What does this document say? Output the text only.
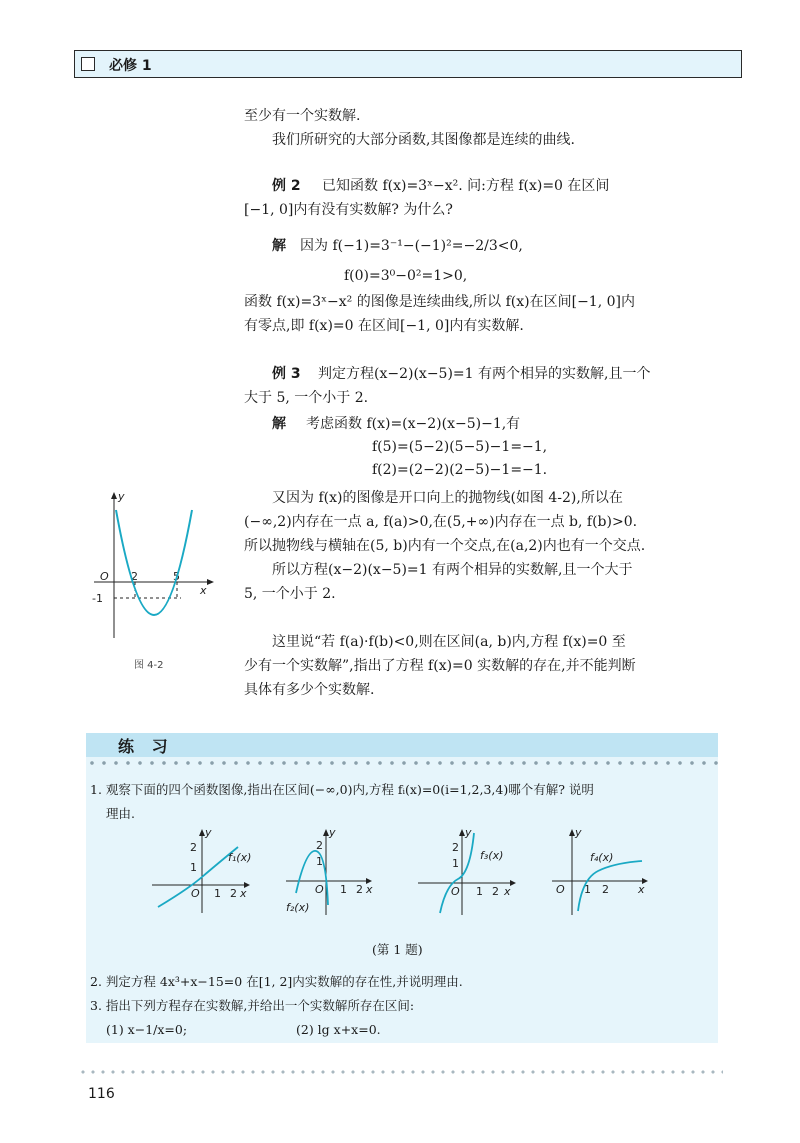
必修 1
至少有一个实数解.
我们所研究的大部分函数,其图像都是连续的曲线.
例 2 已知函数 f(x)=3ˣ−x². 问:方程 f(x)=0 在区间
[−1, 0]内有没有实数解? 为什么?
解 因为 f(−1)=3⁻¹−(−1)²=−2/3<0,
f(0)=3⁰−0²=1>0,
函数 f(x)=3ˣ−x² 的图像是连续曲线,所以 f(x)在区间[−1, 0]内
有零点,即 f(x)=0 在区间[−1, 0]内有实数解.
例 3 判定方程(x−2)(x−5)=1 有两个相异的实数解,且一个
大于 5, 一个小于 2.
解 考虑函数 f(x)=(x−2)(x−5)−1,有
f(5)=(5−2)(5−5)−1=−1,
f(2)=(2−2)(2−5)−1=−1.
又因为 f(x)的图像是开口向上的抛物线(如图 4-2),所以在
(−∞,2)内存在一点 a, f(a)>0,在(5,+∞)内存在一点 b, f(b)>0.
所以抛物线与横轴在(5, b)内有一个交点,在(a,2)内也有一个交点.
所以方程(x−2)(x−5)=1 有两个相异的实数解,且一个大于
5, 一个小于 2.
这里说“若 f(a)·f(b)<0,则在区间(a, b)内,方程 f(x)=0 至
少有一个实数解”,指出了方程 f(x)=0 实数解的存在,并不能判断
具体有多少个实数解.
y
x
O 2	5
-1
图 4-2
练 习
1. 观察下面的四个函数图像,指出在区间(−∞,0)内,方程 fᵢ(x)=0(i=1,2,3,4)哪个有解? 说明
理由.
y
x
O 1 2
1
2
f₁(x)
y
x
O 1 2
1
2
f₂(x)
y
x
O 1 2
1
2
f₃(x)
y
x
O 1 2
f₄(x)
(第 1 题)
2. 判定方程 4x³+x−15=0 在[1, 2]内实数解的存在性,并说明理由.
3. 指出下列方程存在实数解,并给出一个实数解所存在区间:
(1) x−1/x=0;	(2) lg x+x=0.
116
